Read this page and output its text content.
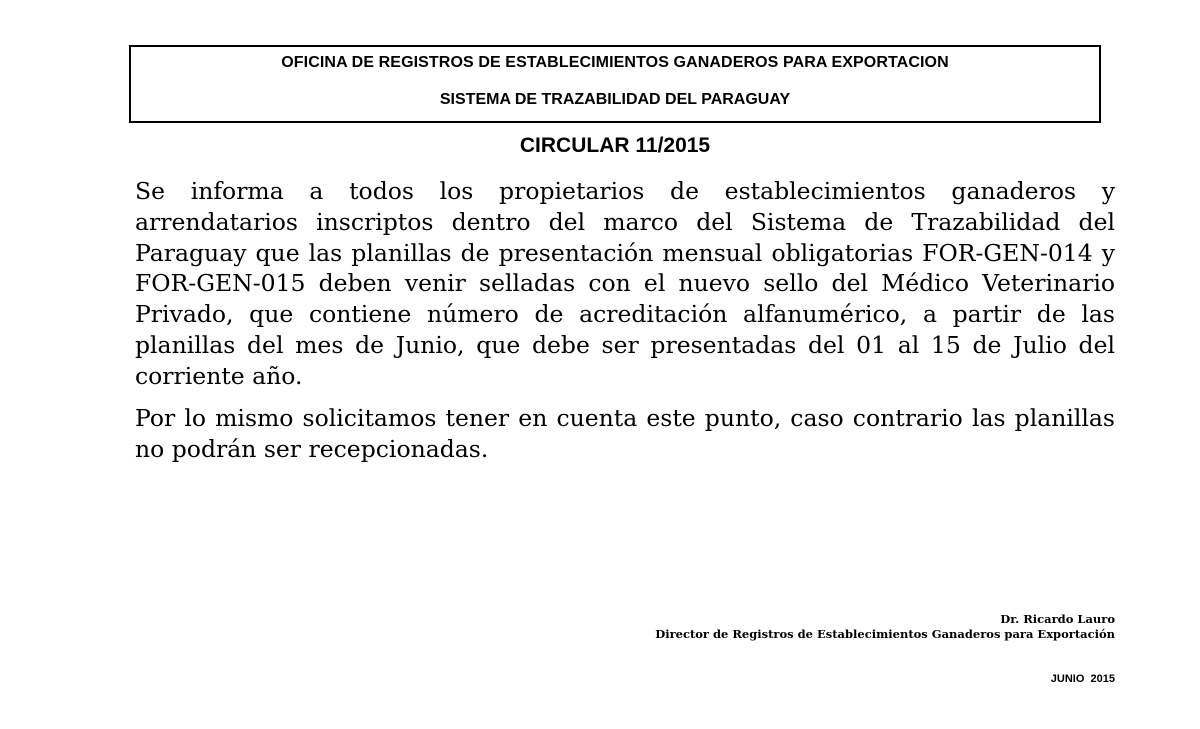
OFICINA DE REGISTROS DE ESTABLECIMIENTOS GANADEROS PARA EXPORTACION
SISTEMA DE TRAZABILIDAD DEL PARAGUAY
CIRCULAR 11/2015

Se informa a todos los propietarios de establecimientos ganaderos y arrendatarios inscriptos dentro del marco del Sistema de Trazabilidad del Paraguay que las planillas de presentación mensual obligatorias FOR-GEN-014 y FOR-GEN-015 deben venir selladas con el nuevo sello del Médico Veterinario Privado, que contiene número de acreditación alfanumérico, a partir de las planillas del mes de Junio, que debe ser presentadas del 01 al 15 de Julio del corriente año.

Por lo mismo solicitamos tener en cuenta este punto, caso contrario las planillas no podrán ser recepcionadas.

Dr. Ricardo Lauro
Director de Registros de Establecimientos Ganaderos para Exportación
JUNIO  2015
